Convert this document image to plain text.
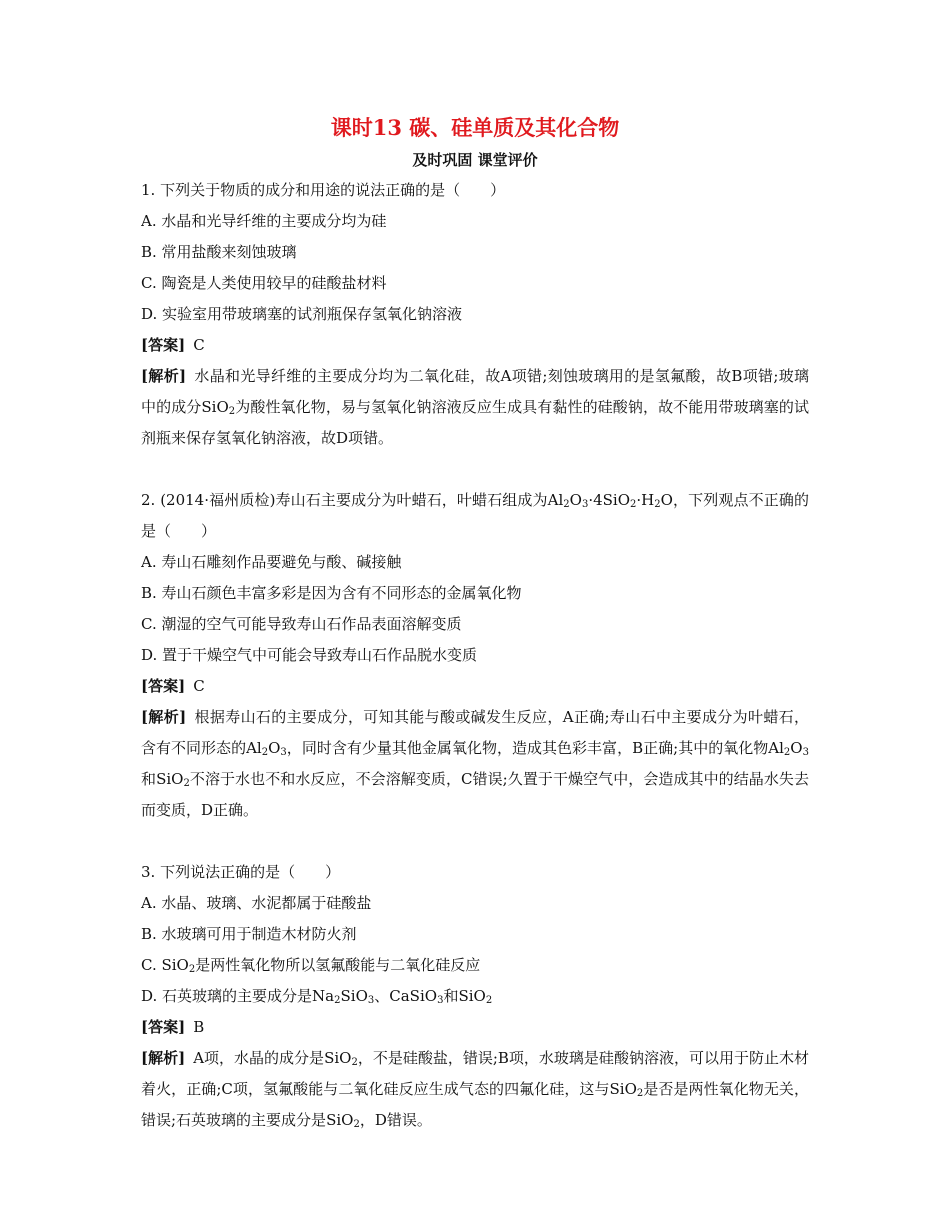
课时13 碳、硅单质及其化合物
及时巩固 课堂评价
1. 下列关于物质的成分和用途的说法正确的是（　　）
A. 水晶和光导纤维的主要成分均为硅
B. 常用盐酸来刻蚀玻璃
C. 陶瓷是人类使用较早的硅酸盐材料
D. 实验室用带玻璃塞的试剂瓶保存氢氧化钠溶液
[答案] C
[解析] 水晶和光导纤维的主要成分均为二氧化硅，故A项错;刻蚀玻璃用的是氢氟酸，故B项错;玻璃中的成分SiO$_2$为酸性氧化物，易与氢氧化钠溶液反应生成具有黏性的硅酸钠，故不能用带玻璃塞的试剂瓶来保存氢氧化钠溶液，故D项错。
2. (2014·福州质检)寿山石主要成分为叶蜡石，叶蜡石组成为$Al_2O_3\cdot 4SiO_2\cdot H_2O$，下列观点不正确的是（　　）
A. 寿山石雕刻作品要避免与酸、碱接触
B. 寿山石颜色丰富多彩是因为含有不同形态的金属氧化物
C. 潮湿的空气可能导致寿山石作品表面溶解变质
D. 置于干燥空气中可能会导致寿山石作品脱水变质
[答案] C
[解析] 根据寿山石的主要成分，可知其能与酸或碱发生反应，A正确;寿山石中主要成分为叶蜡石，含有不同形态的$Al_2O_3$，同时含有少量其他金属氧化物，造成其色彩丰富，B正确;其中的氧化物$Al_2O_3$和SiO$_2$不溶于水也不和水反应，不会溶解变质，C错误;久置于干燥空气中，会造成其中的结晶水失去而变质，D正确。
3. 下列说法正确的是（　　）
A. 水晶、玻璃、水泥都属于硅酸盐
B. 水玻璃可用于制造木材防火剂
C. SiO$_2$是两性氧化物所以氢氟酸能与二氧化硅反应
D. 石英玻璃的主要成分是$Na_2SiO_3$、CaSiO$_3$和SiO$_2$
[答案] B
[解析] A项，水晶的成分是SiO$_2$，不是硅酸盐，错误;B项，水玻璃是硅酸钠溶液，可以用于防止木材着火，正确;C项，氢氟酸能与二氧化硅反应生成气态的四氟化硅，这与SiO$_2$是否是两性氧化物无关，错误;石英玻璃的主要成分是SiO$_2$，D错误。
